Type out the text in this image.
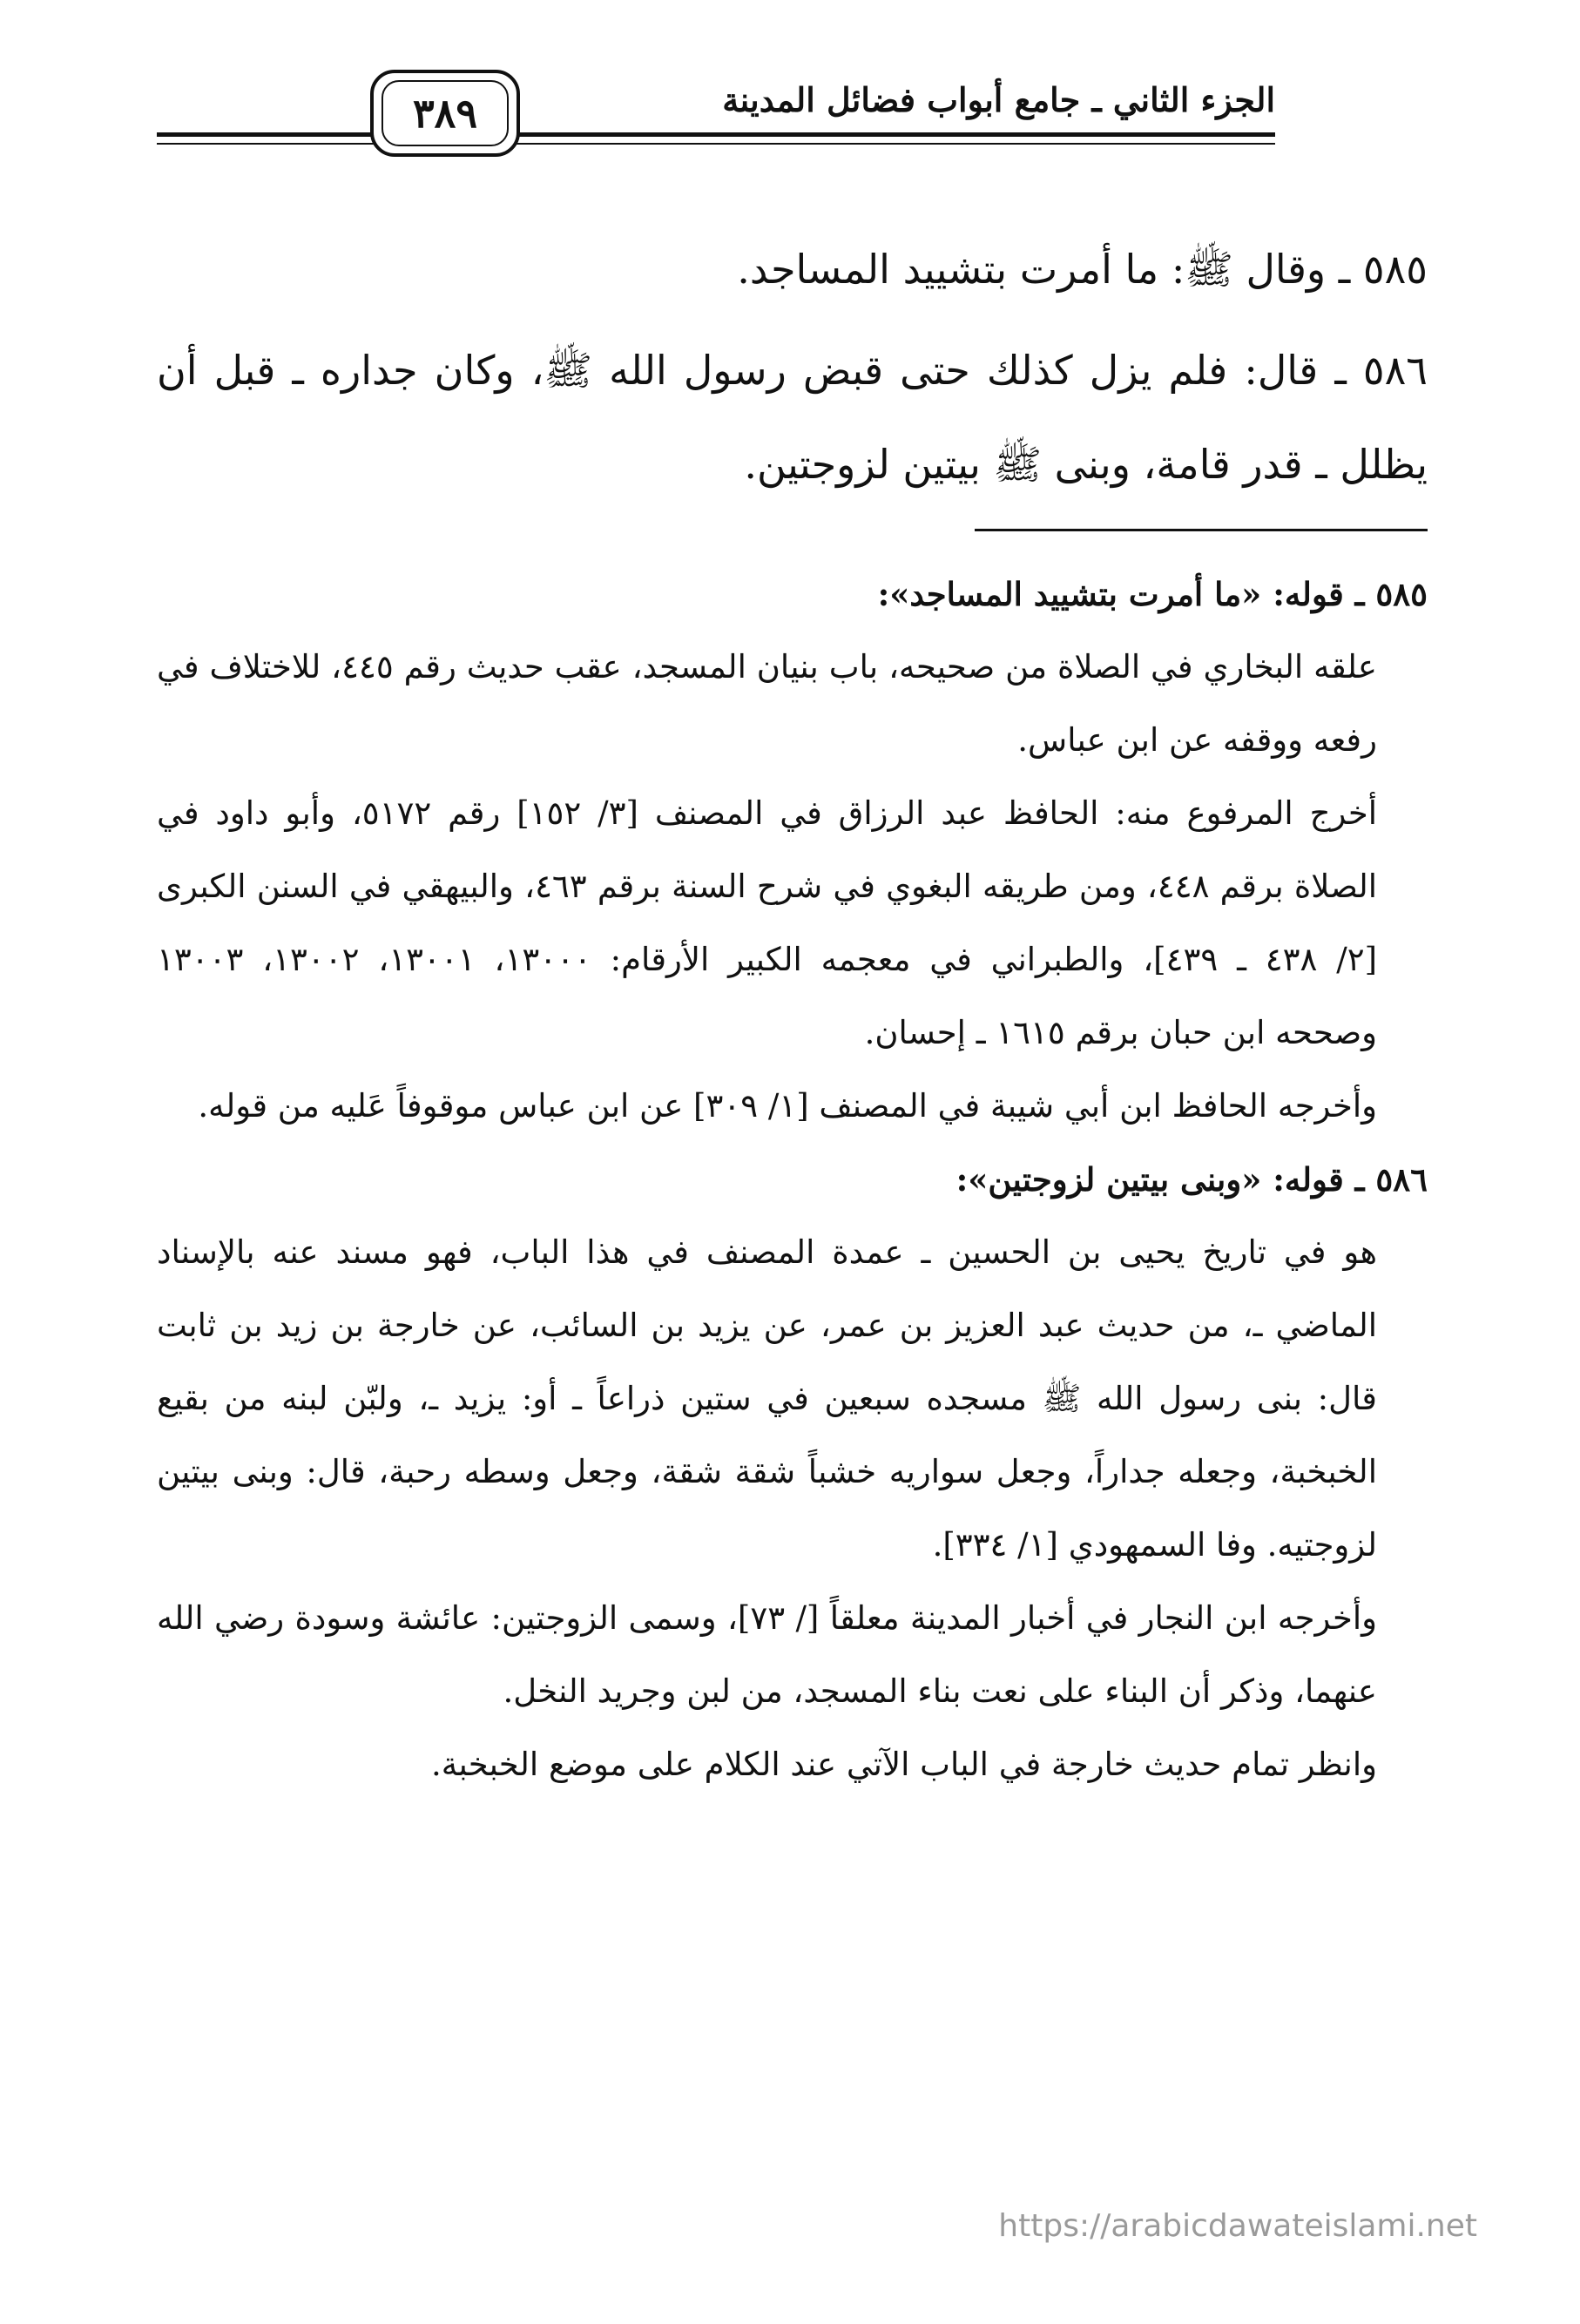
الجزء الثاني ـ جامع أبواب فضائل المدينة
٣٨٩

٥٨٥ ـ وقال ﷺ: ما أمرت بتشييد المساجد.

٥٨٦ ـ قال: فلم يزل كذلك حتى قبض رسول الله ﷺ، وكان جداره ـ قبل أن يظلل ـ قدر قامة، وبنى ﷺ بيتين لزوجتين.

٥٨٥ ـ قوله: «ما أمرت بتشييد المساجد»:

علقه البخاري في الصلاة من صحيحه، باب بنيان المسجد، عقب حديث رقم ٤٤٥، للاختلاف في رفعه ووقفه عن ابن عباس.

أخرج المرفوع منه: الحافظ عبد الرزاق في المصنف [٣/ ١٥٢] رقم ٥١٧٢، وأبو داود في الصلاة برقم ٤٤٨، ومن طريقه البغوي في شرح السنة برقم ٤٦٣، والبيهقي في السنن الكبرى [٢/ ٤٣٨ ـ ٤٣٩]، والطبراني في معجمه الكبير الأرقام: ١٣٠٠٠، ١٣٠٠١، ١٣٠٠٢، ١٣٠٠٣ وصححه ابن حبان برقم ١٦١٥ ـ إحسان.

وأخرجه الحافظ ابن أبي شيبة في المصنف [١/ ٣٠٩] عن ابن عباس موقوفاً عَليه من قوله.

٥٨٦ ـ قوله: «وبنى بيتين لزوجتين»:

هو في تاريخ يحيى بن الحسين ـ عمدة المصنف في هذا الباب، فهو مسند عنه بالإسناد الماضي ـ، من حديث عبد العزيز بن عمر، عن يزيد بن السائب، عن خارجة بن زيد بن ثابت قال: بنى رسول الله ﷺ مسجده سبعين في ستين ذراعاً ـ أو: يزيد ـ، ولبّن لبنه من بقيع الخبخبة، وجعله جداراً، وجعل سواريه خشباً شقة شقة، وجعل وسطه رحبة، قال: وبنى بيتين لزوجتيه. وفا السمهودي [١/ ٣٣٤].

وأخرجه ابن النجار في أخبار المدينة معلقاً [/ ٧٣]، وسمى الزوجتين: عائشة وسودة رضي الله عنهما، وذكر أن البناء على نعت بناء المسجد، من لبن وجريد النخل.

وانظر تمام حديث خارجة في الباب الآتي عند الكلام على موضع الخبخبة.

https://arabicdawateislami.net
